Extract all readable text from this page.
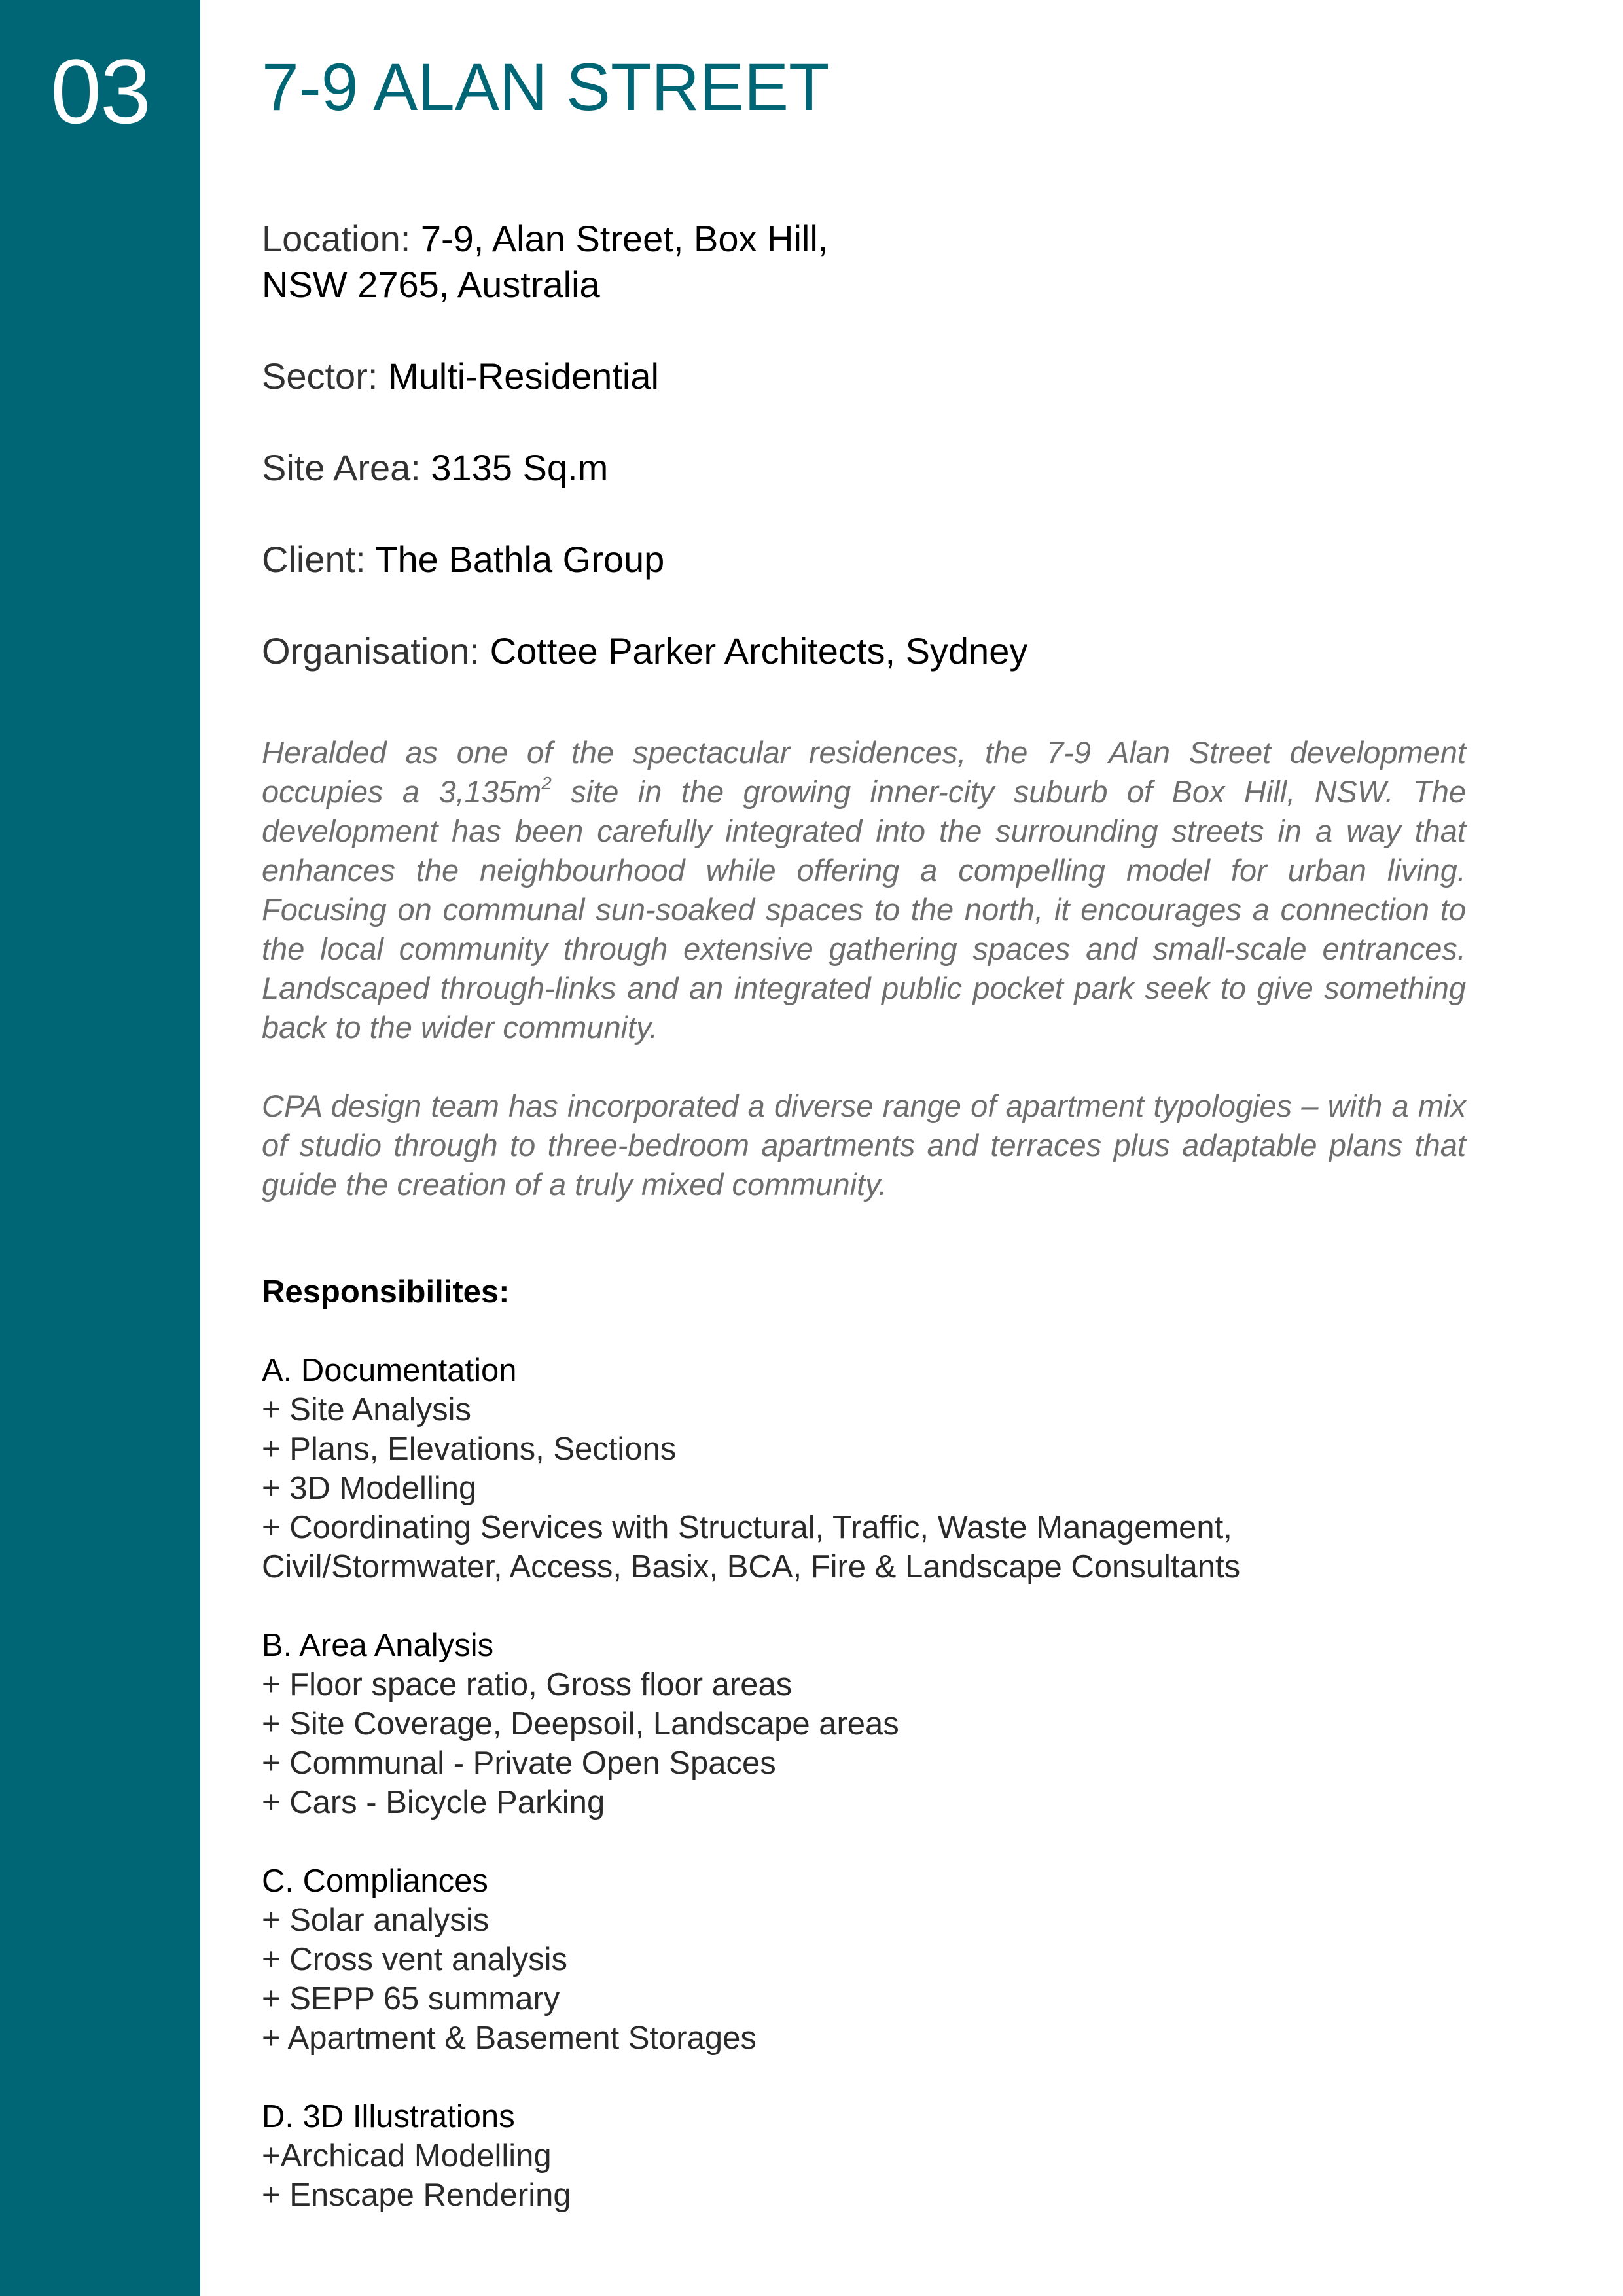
03	7-9 ALAN STREET

Location: 7-9, Alan Street, Box Hill,
NSW 2765, Australia

Sector: Multi-Residential

Site Area: 3135 Sq.m

Client: The Bathla Group

Organisation: Cottee Parker Architects, Sydney

Heralded as one of the spectacular residences, the 7-9 Alan Street development occupies a $3,135m^2$ site in the growing inner-city suburb of Box Hill, NSW. The development has been carefully integrated into the surrounding streets in a way that enhances the neighbourhood while offering a compelling model for urban living. Focusing on communal sun-soaked spaces to the north, it encourages a connection to the local community through extensive gathering spaces and small-scale entrances. Landscaped through-links and an integrated public pocket park seek to give something back to the wider community.

CPA design team has incorporated a diverse range of apartment typologies – with a mix of studio through to three-bedroom apartments and terraces plus adaptable plans that guide the creation of a truly mixed community.

Responsibilites:
A. Documentation
+ Site Analysis
+ Plans, Elevations, Sections
+ 3D Modelling
+ Coordinating Services with Structural, Traffic, Waste Management,
Civil/Stormwater, Access, Basix, BCA, Fire & Landscape Consultants
B. Area Analysis
+ Floor space ratio, Gross floor areas
+ Site Coverage, Deepsoil, Landscape areas
+ Communal - Private Open Spaces
+ Cars - Bicycle Parking
C. Compliances
+ Solar analysis
+ Cross vent analysis
+ SEPP 65 summary
+ Apartment & Basement Storages
D. 3D Illustrations
+Archicad Modelling
+ Enscape Rendering
